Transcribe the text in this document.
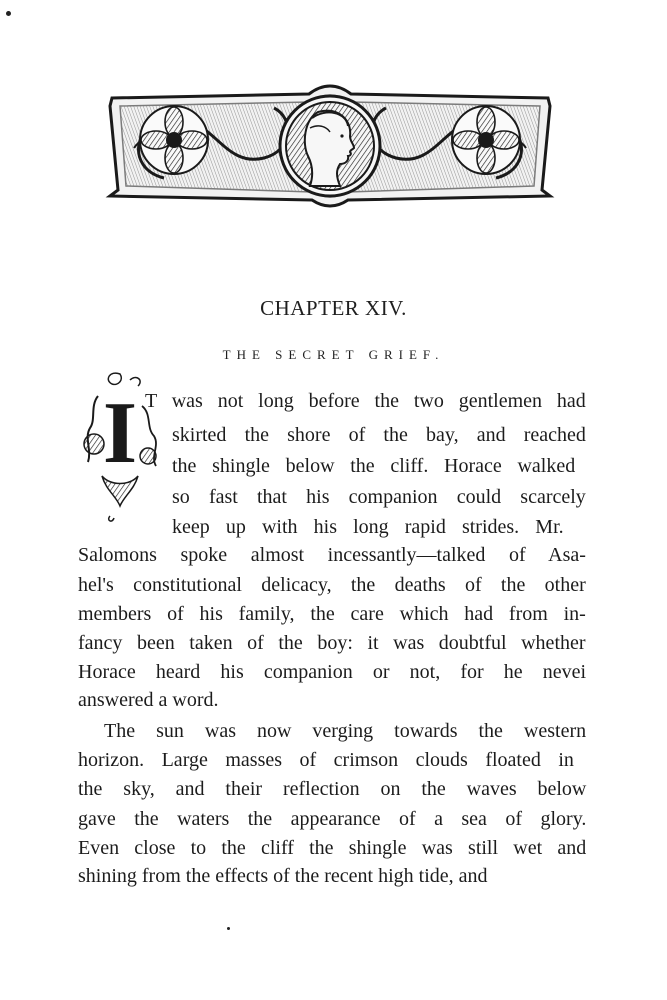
CHAPTER XIV.
THE SECRET GRIEF.
I T was not long before the two gentlemen had
skirted the shore of the bay, and reached
the shingle below the cliff. Horace walked
so fast that his companion could scarcely
keep up with his long rapid strides. Mr.
Salomons spoke almost incessantly—talked of Asa-
hel's constitutional delicacy, the deaths of the other
members of his family, the care which had from in-
fancy been taken of the boy: it was doubtful whether
Horace heard his companion or not, for he nevei
answered a word.
The sun was now verging towards the western
horizon. Large masses of crimson clouds floated in
the sky, and their reflection on the waves below
gave the waters the appearance of a sea of glory.
Even close to the cliff the shingle was still wet and
shining from the effects of the recent high tide, and
